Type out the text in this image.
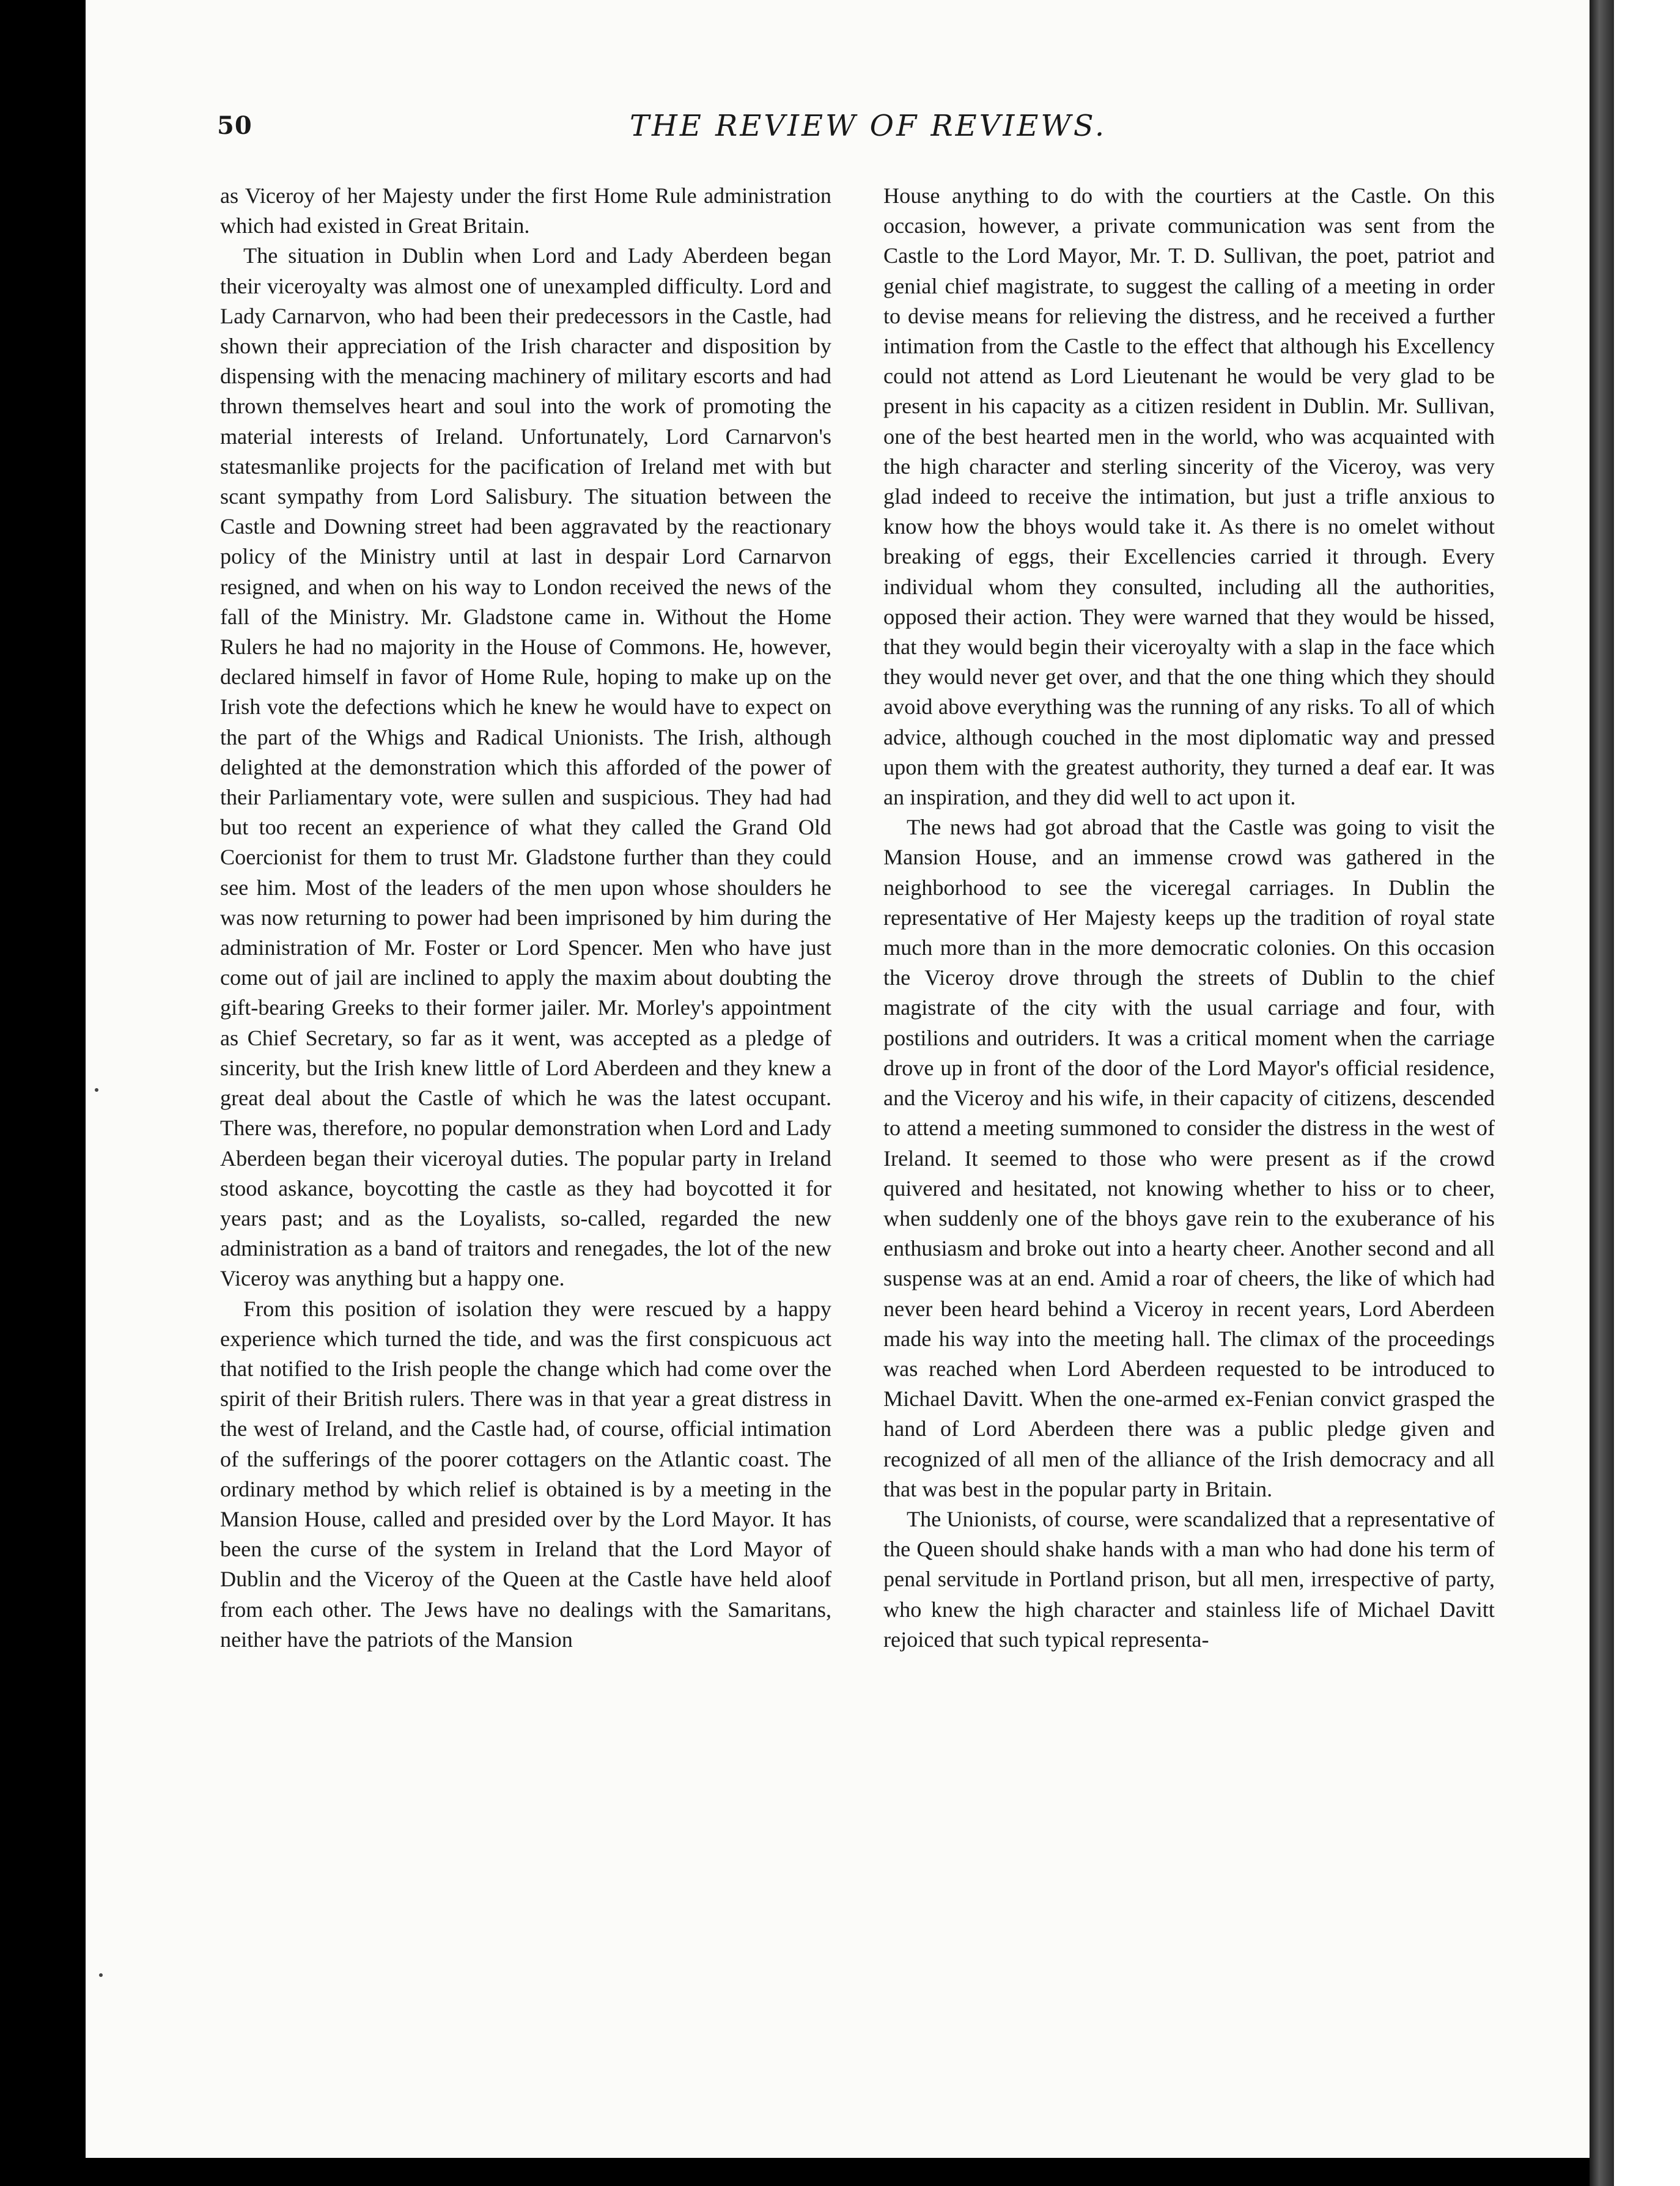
50	THE REVIEW OF REVIEWS.

as Viceroy of her Majesty under the first Home Rule administration which had existed in Great Britain.

The situation in Dublin when Lord and Lady Aberdeen began their viceroyalty was almost one of unexampled difficulty. Lord and Lady Carnarvon, who had been their predecessors in the Castle, had shown their appreciation of the Irish character and disposition by dispensing with the menacing machinery of military escorts and had thrown themselves heart and soul into the work of promoting the material interests of Ireland. Unfortunately, Lord Carnarvon's statesmanlike projects for the pacification of Ireland met with but scant sympathy from Lord Salisbury. The situation between the Castle and Downing street had been aggravated by the reactionary policy of the Ministry until at last in despair Lord Carnarvon resigned, and when on his way to London received the news of the fall of the Ministry. Mr. Gladstone came in. Without the Home Rulers he had no majority in the House of Commons. He, however, declared himself in favor of Home Rule, hoping to make up on the Irish vote the defections which he knew he would have to expect on the part of the Whigs and Radical Unionists. The Irish, although delighted at the demonstration which this afforded of the power of their Parliamentary vote, were sullen and suspicious. They had had but too recent an experience of what they called the Grand Old Coercionist for them to trust Mr. Gladstone further than they could see him. Most of the leaders of the men upon whose shoulders he was now returning to power had been imprisoned by him during the administration of Mr. Foster or Lord Spencer. Men who have just come out of jail are inclined to apply the maxim about doubting the gift-bearing Greeks to their former jailer. Mr. Morley's appointment as Chief Secretary, so far as it went, was accepted as a pledge of sincerity, but the Irish knew little of Lord Aberdeen and they knew a great deal about the Castle of which he was the latest occupant. There was, therefore, no popular demonstration when Lord and Lady Aberdeen began their viceroyal duties. The popular party in Ireland stood askance, boycotting the castle as they had boycotted it for years past; and as the Loyalists, so-called, regarded the new administration as a band of traitors and renegades, the lot of the new Viceroy was anything but a happy one.

From this position of isolation they were rescued by a happy experience which turned the tide, and was the first conspicuous act that notified to the Irish people the change which had come over the spirit of their British rulers. There was in that year a great distress in the west of Ireland, and the Castle had, of course, official intimation of the sufferings of the poorer cottagers on the Atlantic coast. The ordinary method by which relief is obtained is by a meeting in the Mansion House, called and presided over by the Lord Mayor. It has been the curse of the system in Ireland that the Lord Mayor of Dublin and the Viceroy of the Queen at the Castle have held aloof from each other. The Jews have no dealings with the Samaritans, neither have the patriots of the Mansion

House anything to do with the courtiers at the Castle. On this occasion, however, a private communication was sent from the Castle to the Lord Mayor, Mr. T. D. Sullivan, the poet, patriot and genial chief magistrate, to suggest the calling of a meeting in order to devise means for relieving the distress, and he received a further intimation from the Castle to the effect that although his Excellency could not attend as Lord Lieutenant he would be very glad to be present in his capacity as a citizen resident in Dublin. Mr. Sullivan, one of the best hearted men in the world, who was acquainted with the high character and sterling sincerity of the Viceroy, was very glad indeed to receive the intimation, but just a trifle anxious to know how the bhoys would take it. As there is no omelet without breaking of eggs, their Excellencies carried it through. Every individual whom they consulted, including all the authorities, opposed their action. They were warned that they would be hissed, that they would begin their viceroyalty with a slap in the face which they would never get over, and that the one thing which they should avoid above everything was the running of any risks. To all of which advice, although couched in the most diplomatic way and pressed upon them with the greatest authority, they turned a deaf ear. It was an inspiration, and they did well to act upon it.

The news had got abroad that the Castle was going to visit the Mansion House, and an immense crowd was gathered in the neighborhood to see the viceregal carriages. In Dublin the representative of Her Majesty keeps up the tradition of royal state much more than in the more democratic colonies. On this occasion the Viceroy drove through the streets of Dublin to the chief magistrate of the city with the usual carriage and four, with postilions and outriders. It was a critical moment when the carriage drove up in front of the door of the Lord Mayor's official residence, and the Viceroy and his wife, in their capacity of citizens, descended to attend a meeting summoned to consider the distress in the west of Ireland. It seemed to those who were present as if the crowd quivered and hesitated, not knowing whether to hiss or to cheer, when suddenly one of the bhoys gave rein to the exuberance of his enthusiasm and broke out into a hearty cheer. Another second and all suspense was at an end. Amid a roar of cheers, the like of which had never been heard behind a Viceroy in recent years, Lord Aberdeen made his way into the meeting hall. The climax of the proceedings was reached when Lord Aberdeen requested to be introduced to Michael Davitt. When the one-armed ex-Fenian convict grasped the hand of Lord Aberdeen there was a public pledge given and recognized of all men of the alliance of the Irish democracy and all that was best in the popular party in Britain.

The Unionists, of course, were scandalized that a representative of the Queen should shake hands with a man who had done his term of penal servitude in Portland prison, but all men, irrespective of party, who knew the high character and stainless life of Michael Davitt rejoiced that such typical representa-
